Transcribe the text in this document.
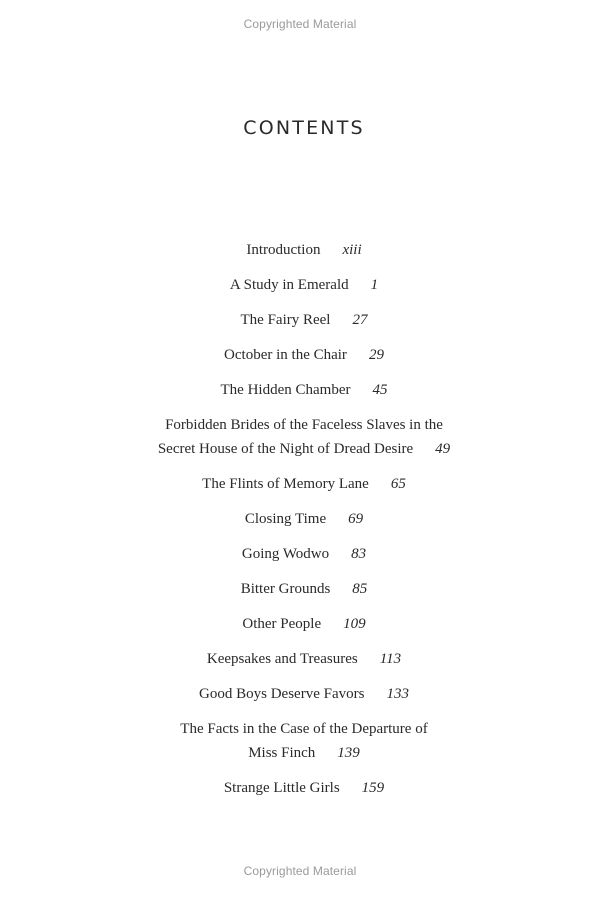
Copyrighted Material
CONTENTS
Introduction xiii
A Study in Emerald 1
The Fairy Reel 27
October in the Chair 29
The Hidden Chamber 45
Forbidden Brides of the Faceless Slaves in the
Secret House of the Night of Dread Desire 49
The Flints of Memory Lane 65
Closing Time 69
Going Wodwo 83
Bitter Grounds 85
Other People 109
Keepsakes and Treasures 113
Good Boys Deserve Favors 133
The Facts in the Case of the Departure of
Miss Finch 139
Strange Little Girls 159
Copyrighted Material
